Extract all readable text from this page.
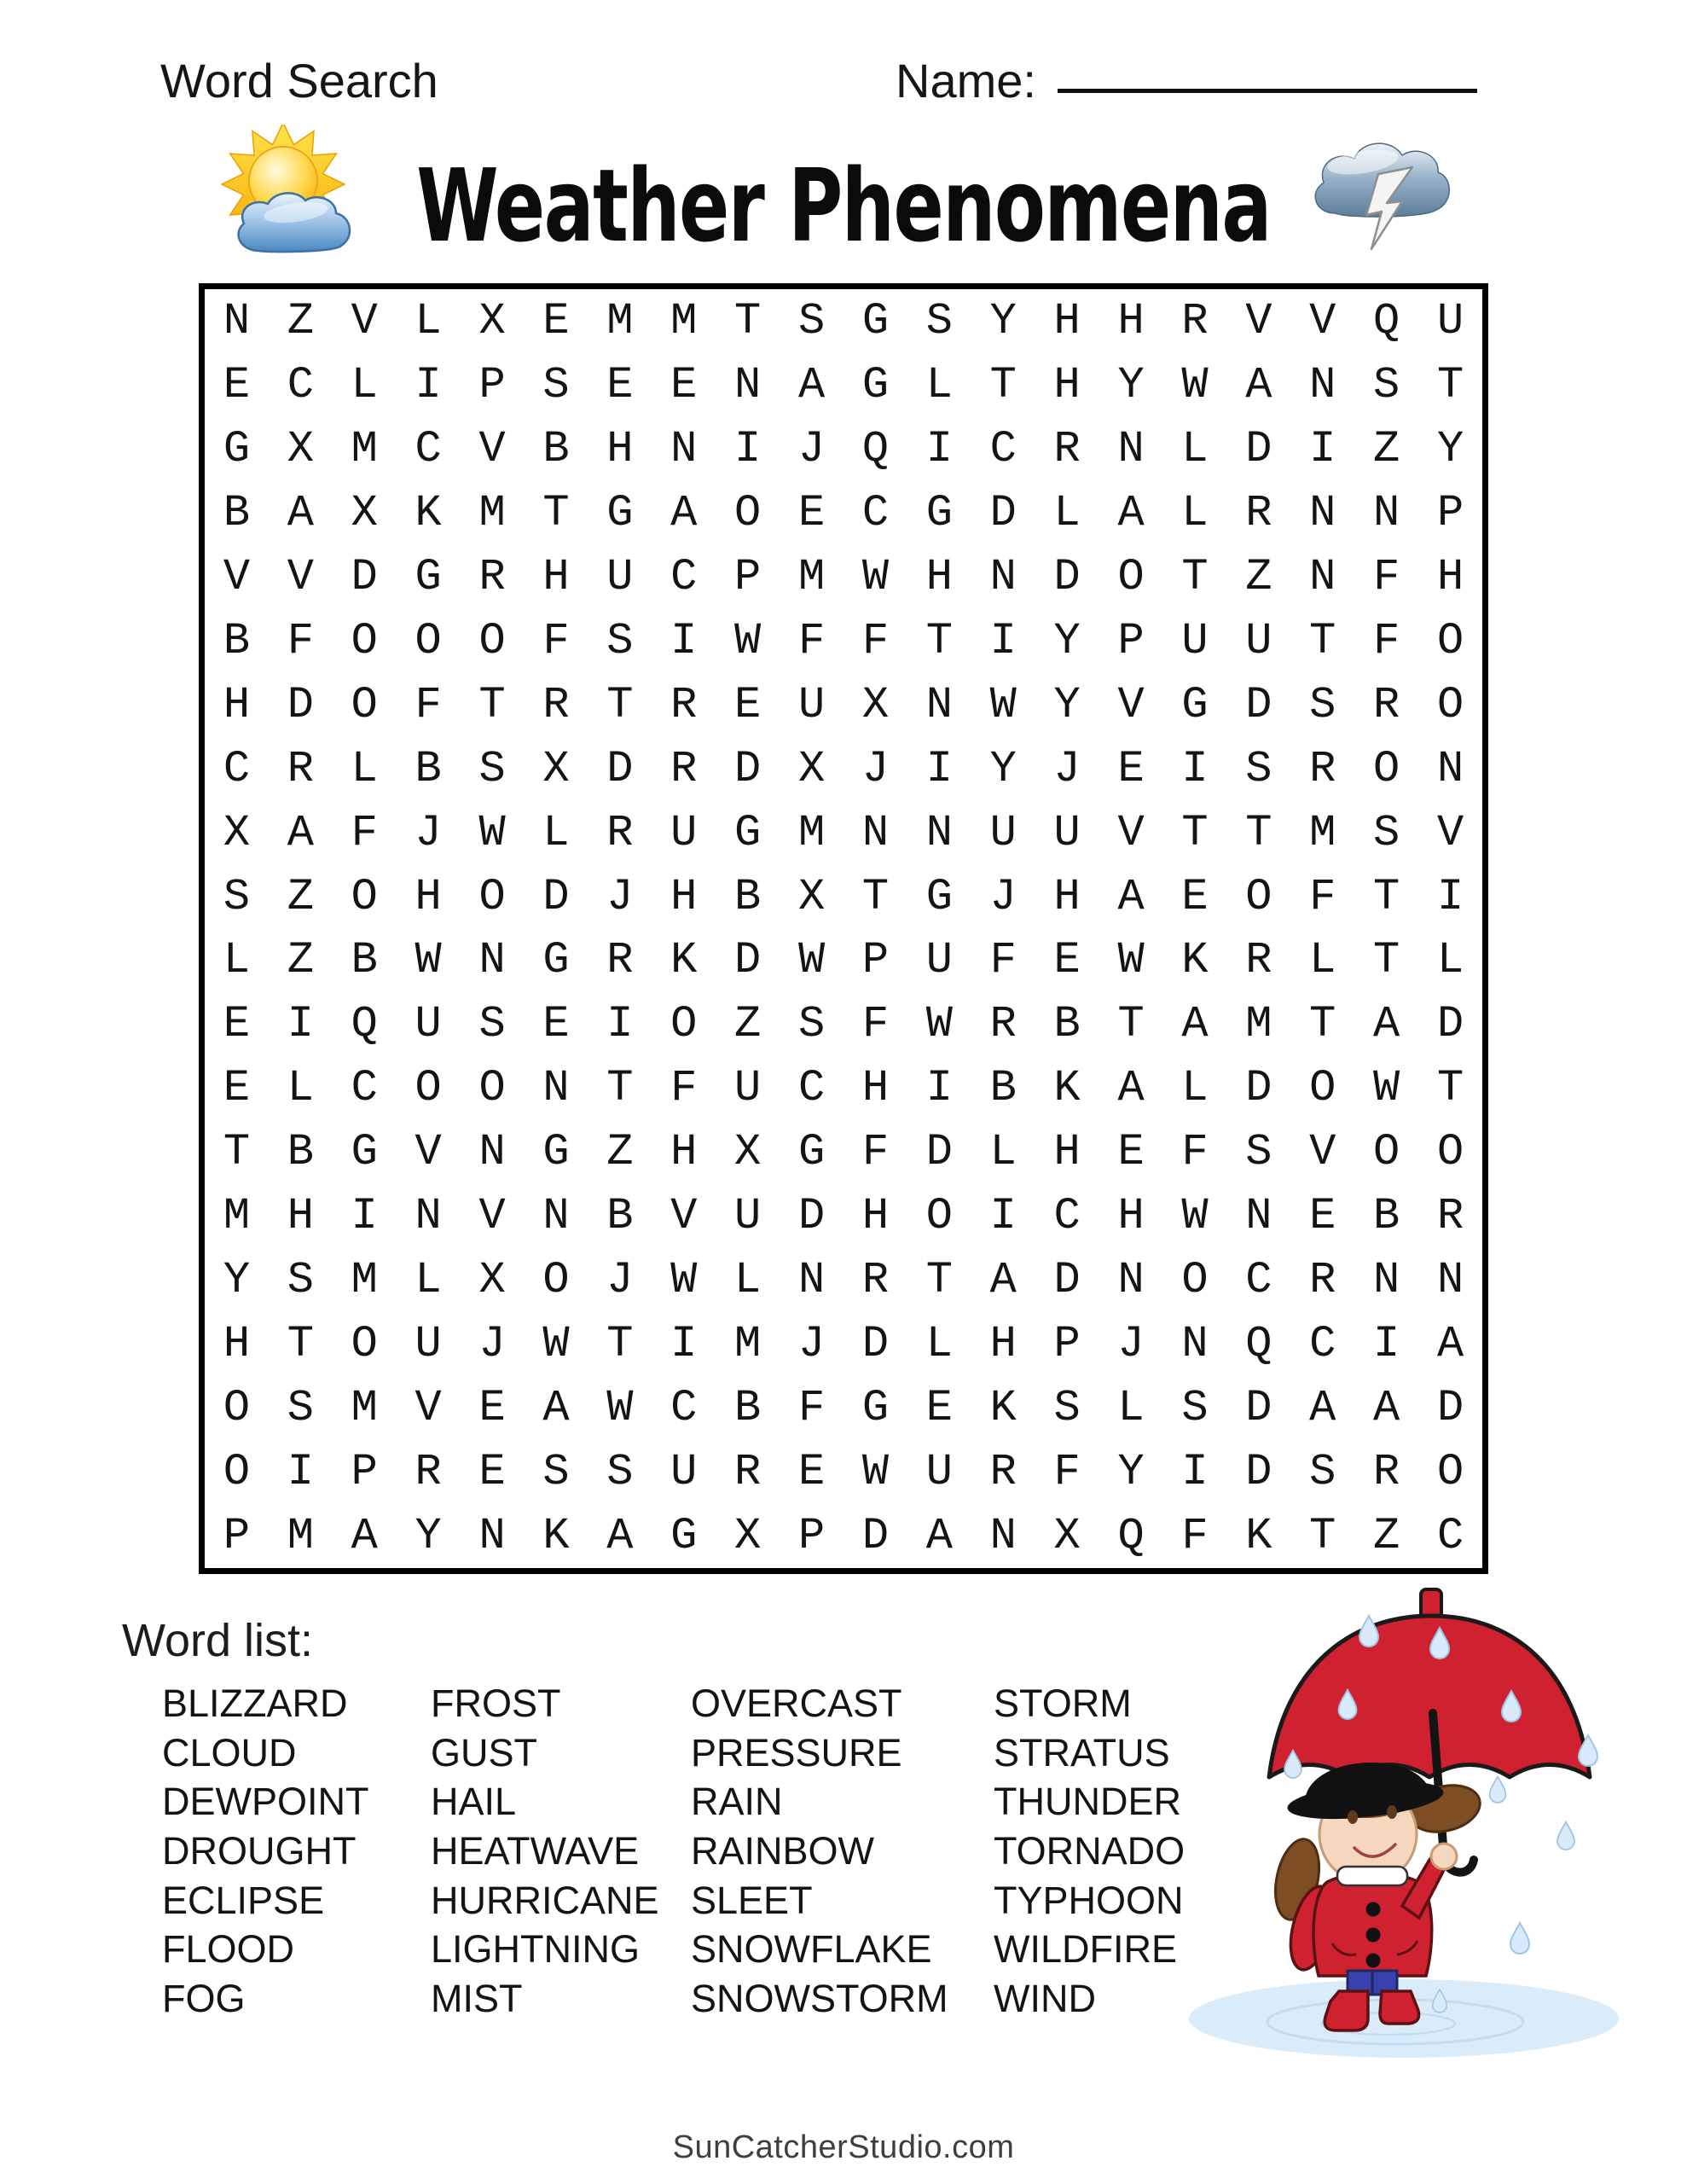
Word Search	Name:
Weather Phenomena
N Z V L X E M M T S G S Y H H R V V Q U
E C L I P S E E N A G L T H Y W A N S T
G X M C V B H N I J Q I C R N L D I Z Y
B A X K M T G A O E C G D L A L R N N P
V V D G R H U C P M W H N D O T Z N F H
B F O O O F S I W F F T I Y P U U T F O
H D O F T R T R E U X N W Y V G D S R O
C R L B S X D R D X J I Y J E I S R O N
X A F J W L R U G M N N U U V T T M S V
S Z O H O D J H B X T G J H A E O F T I
L Z B W N G R K D W P U F E W K R L T L
E I Q U S E I O Z S F W R B T A M T A D
E L C O O N T F U C H I B K A L D O W T
T B G V N G Z H X G F D L H E F S V O O
M H I N V N B V U D H O I C H W N E B R
Y S M L X O J W L N R T A D N O C R N N
H T O U J W T I M J D L H P J N Q C I A
O S M V E A W C B F G E K S L S D A A D
O I P R E S S U R E W U R F Y I D S R O
P M A Y N K A G X P D A N X Q F K T Z C
Word list:
BLIZZARD
CLOUD
DEWPOINT
DROUGHT
ECLIPSE
FLOOD
FOG
FROST
GUST
HAIL
HEATWAVE
HURRICANE
LIGHTNING
MIST
OVERCAST
PRESSURE
RAIN
RAINBOW
SLEET
SNOWFLAKE
SNOWSTORM
STORM
STRATUS
THUNDER
TORNADO
TYPHOON
WILDFIRE
WIND
SunCatcherStudio.com
